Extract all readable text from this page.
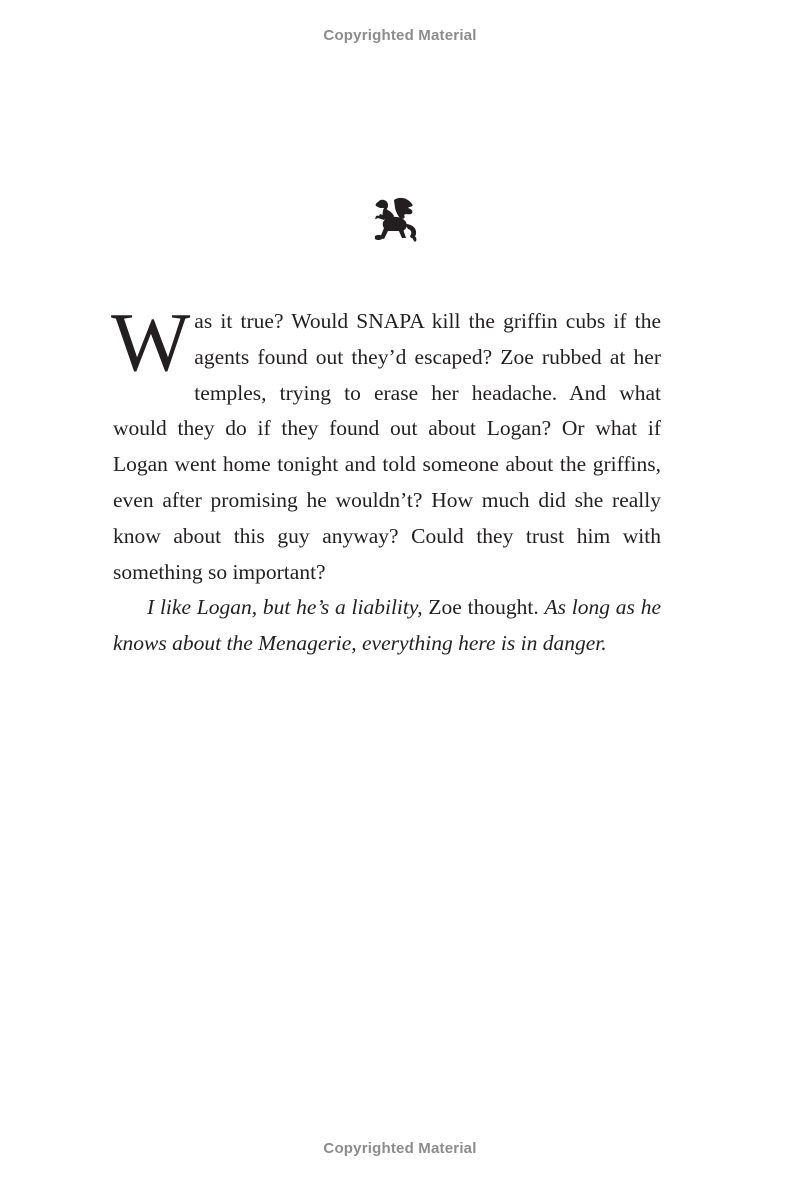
Copyrighted Material

Was it true? Would SNAPA kill the griffin cubs if the agents found out they’d escaped? Zoe rubbed at her temples, trying to erase her headache. And what would they do if they found out about Logan? Or what if Logan went home tonight and told someone about the griffins, even after promising he wouldn’t? How much did she really know about this guy anyway? Could they trust him with something so important?

I like Logan, but he’s a liability, Zoe thought. As long as he knows about the Menagerie, everything here is in danger.

Copyrighted Material
